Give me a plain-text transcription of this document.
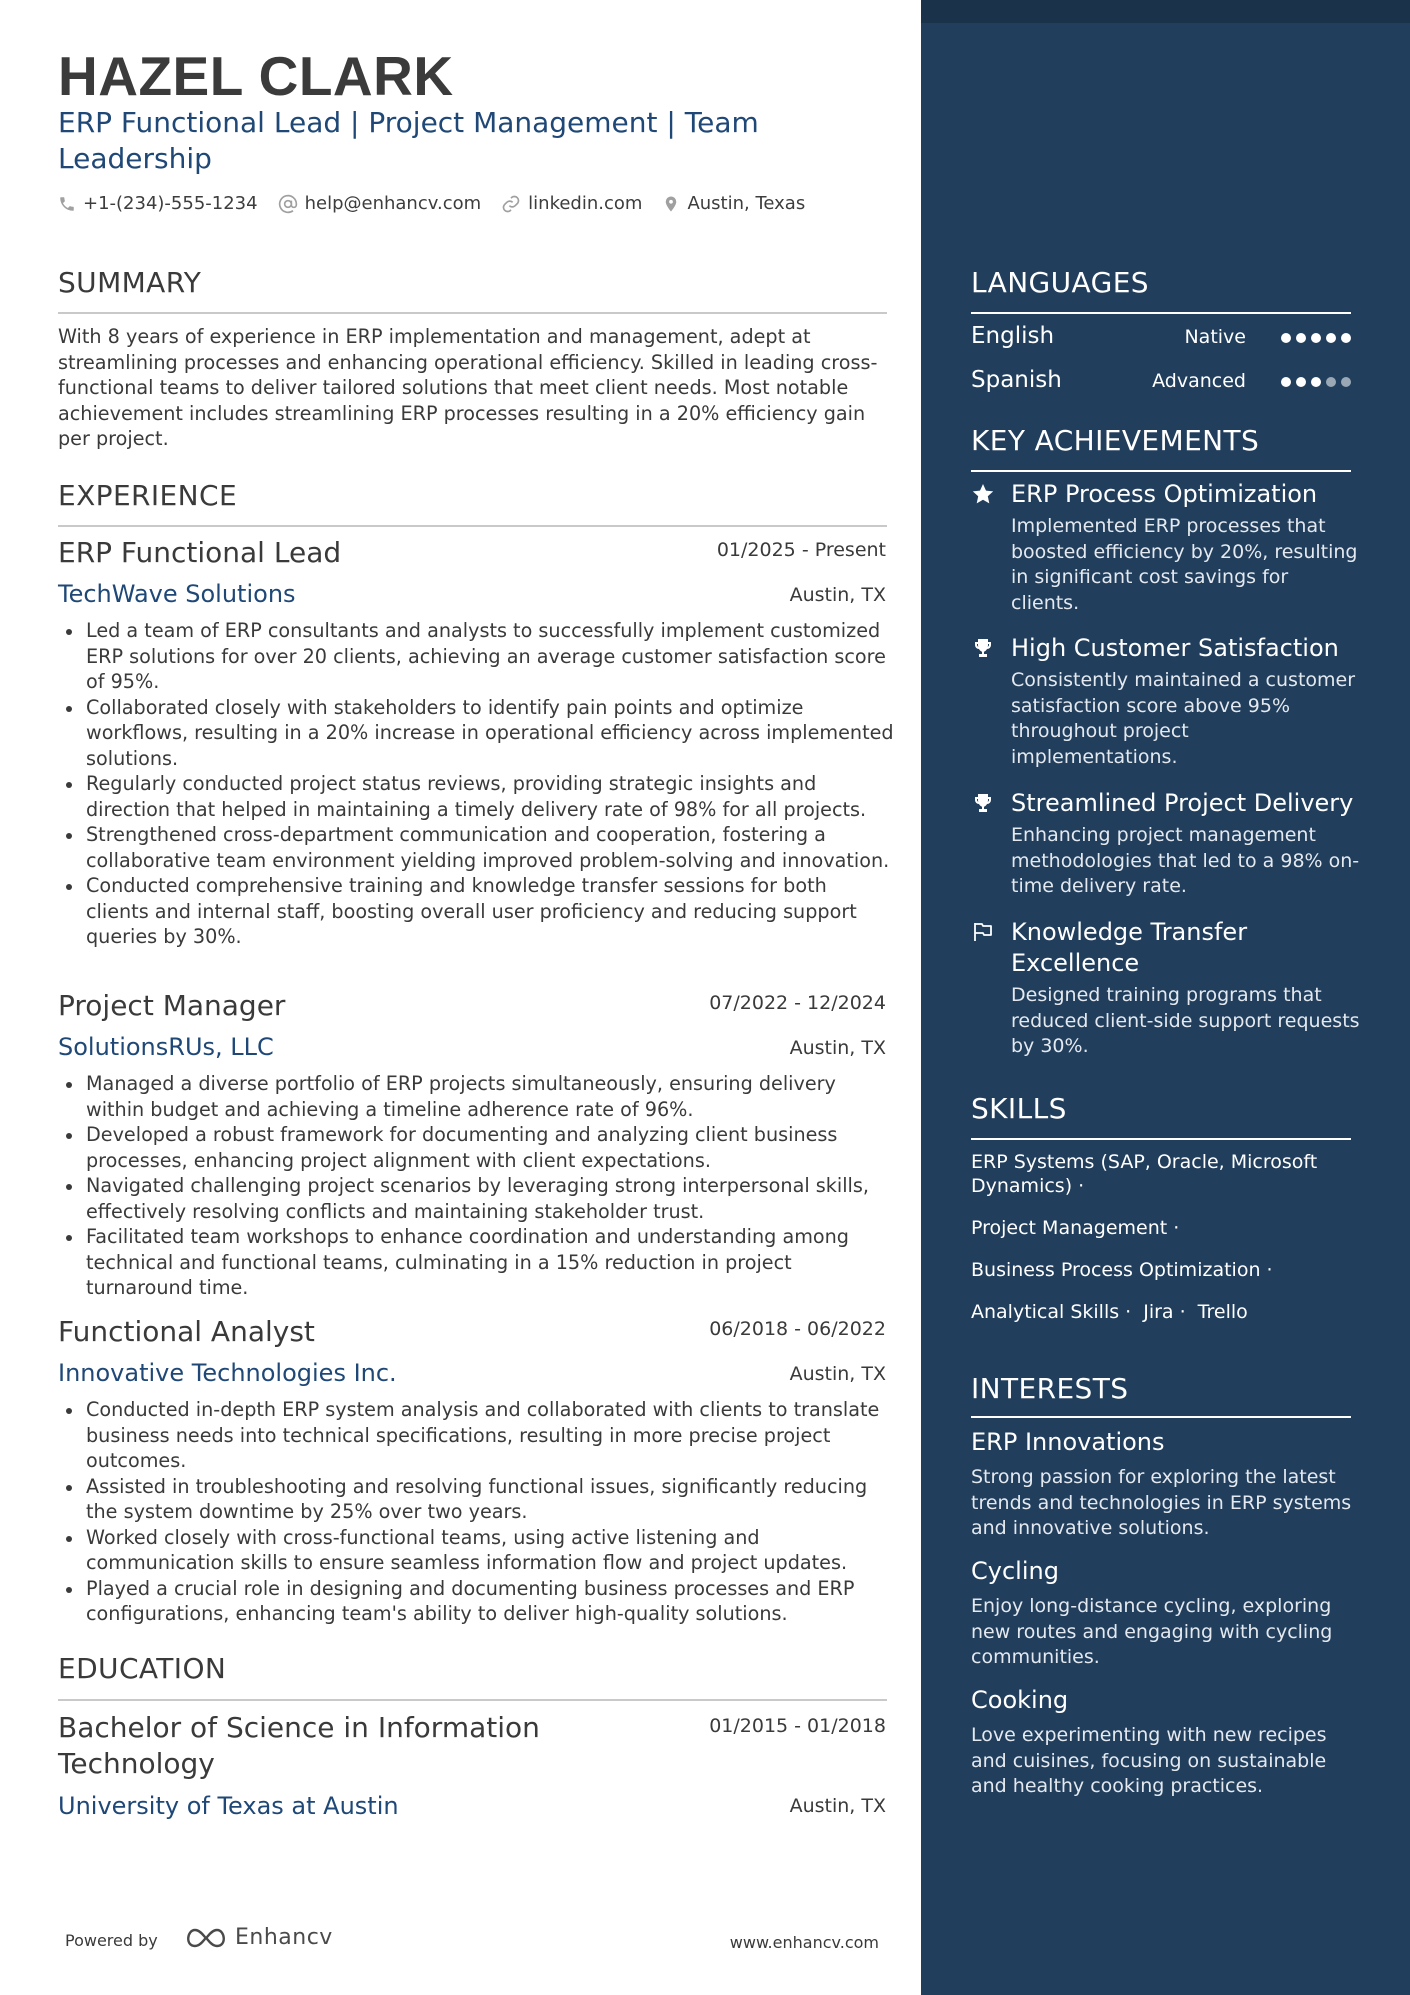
HAZEL CLARK
ERP Functional Lead | Project Management | Team Leadership
+1-(234)-555-1234	help@enhancv.com	linkedin.com	Austin, Texas
SUMMARY
With 8 years of experience in ERP implementation and management, adept at streamlining processes and enhancing operational efficiency. Skilled in leading cross-functional teams to deliver tailored solutions that meet client needs. Most notable achievement includes streamlining ERP processes resulting in a 20% efficiency gain per project.
EXPERIENCE
ERP Functional Lead	01/2025 - Present
TechWave Solutions	Austin, TX
Led a team of ERP consultants and analysts to successfully implement customized ERP solutions for over 20 clients, achieving an average customer satisfaction score of 95%.
Collaborated closely with stakeholders to identify pain points and optimize workflows, resulting in a 20% increase in operational efficiency across implemented solutions.
Regularly conducted project status reviews, providing strategic insights and direction that helped in maintaining a timely delivery rate of 98% for all projects.
Strengthened cross-department communication and cooperation, fostering a collaborative team environment yielding improved problem-solving and innovation.
Conducted comprehensive training and knowledge transfer sessions for both clients and internal staff, boosting overall user proficiency and reducing support queries by 30%.
Project Manager	07/2022 - 12/2024
SolutionsRUs, LLC	Austin, TX
Managed a diverse portfolio of ERP projects simultaneously, ensuring delivery within budget and achieving a timeline adherence rate of 96%.
Developed a robust framework for documenting and analyzing client business processes, enhancing project alignment with client expectations.
Navigated challenging project scenarios by leveraging strong interpersonal skills, effectively resolving conflicts and maintaining stakeholder trust.
Facilitated team workshops to enhance coordination and understanding among technical and functional teams, culminating in a 15% reduction in project turnaround time.
Functional Analyst	06/2018 - 06/2022
Innovative Technologies Inc.	Austin, TX
Conducted in-depth ERP system analysis and collaborated with clients to translate business needs into technical specifications, resulting in more precise project outcomes.
Assisted in troubleshooting and resolving functional issues, significantly reducing the system downtime by 25% over two years.
Worked closely with cross-functional teams, using active listening and communication skills to ensure seamless information flow and project updates.
Played a crucial role in designing and documenting business processes and ERP configurations, enhancing team's ability to deliver high-quality solutions.
EDUCATION
Bachelor of Science in Information Technology
01/2015 - 01/2018
University of Texas at Austin	Austin, TX
Powered by	Enhancv	www.enhancv.com
LANGUAGES
English	Native
Spanish	Advanced
KEY ACHIEVEMENTS
ERP Process Optimization
Implemented ERP processes that boosted efficiency by 20%, resulting in significant cost savings for clients.
High Customer Satisfaction
Consistently maintained a customer satisfaction score above 95% throughout project implementations.
Streamlined Project Delivery
Enhancing project management methodologies that led to a 98% on-time delivery rate.
Knowledge Transfer Excellence
Designed training programs that reduced client-side support requests by 30%.
SKILLS
ERP Systems (SAP, Oracle, Microsoft Dynamics) ·
Project Management ·
Business Process Optimization ·
Analytical Skills · Jira · Trello
INTERESTS
ERP Innovations
Strong passion for exploring the latest trends and technologies in ERP systems and innovative solutions.
Cycling
Enjoy long-distance cycling, exploring new routes and engaging with cycling communities.
Cooking
Love experimenting with new recipes and cuisines, focusing on sustainable and healthy cooking practices.
